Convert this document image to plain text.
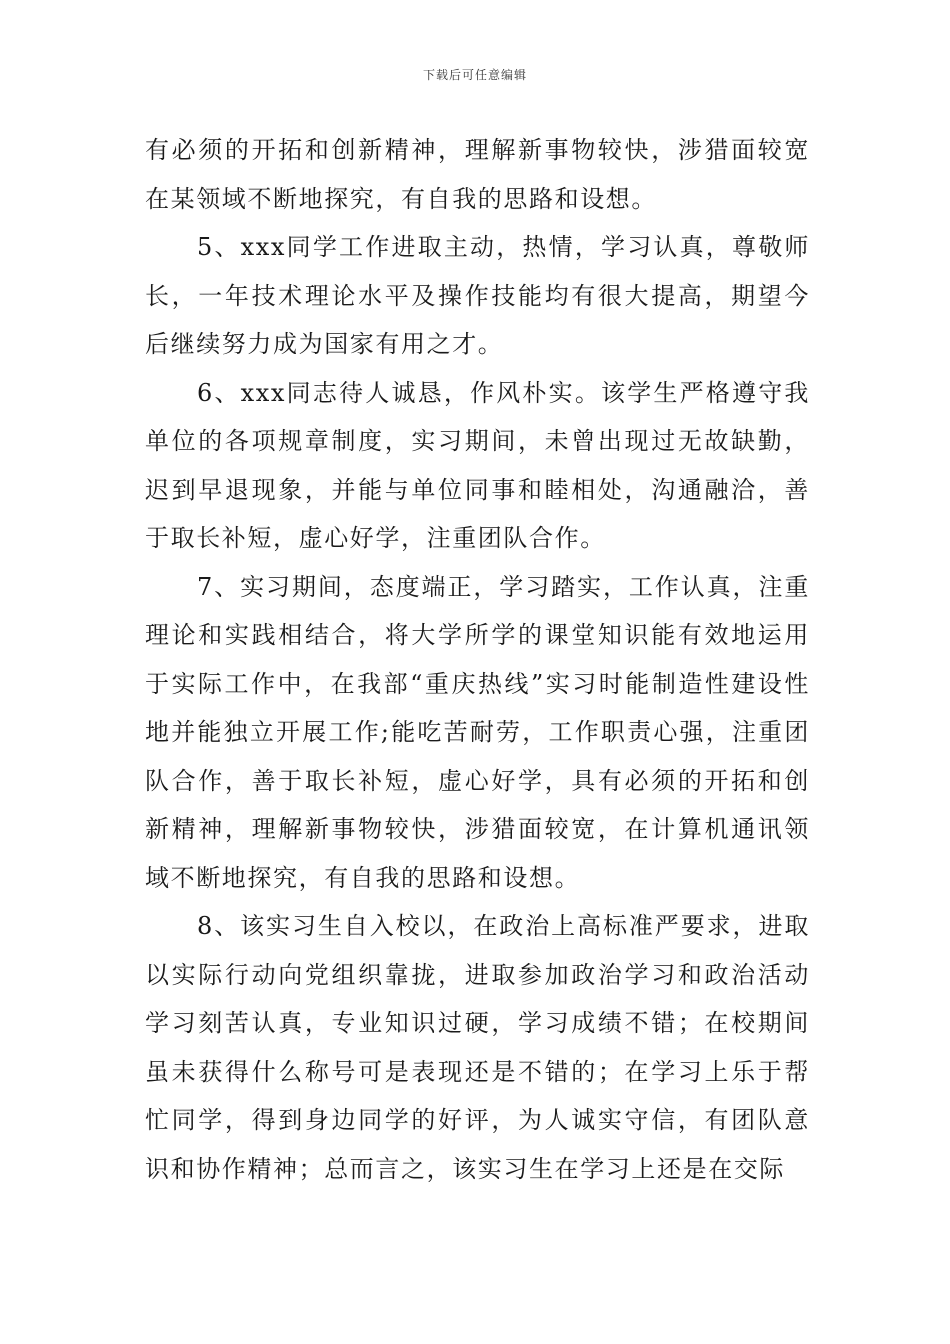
下载后可任意编辑

有必须的开拓和创新精神，理解新事物较快，涉猎面较宽在某领域不断地探究，有自我的思路和设想。

5、xxx同学工作进取主动，热情，学习认真，尊敬师长，一年技术理论水平及操作技能均有很大提高，期望今后继续努力成为国家有用之才。

6、xxx同志待人诚恳，作风朴实。该学生严格遵守我单位的各项规章制度，实习期间，未曾出现过无故缺勤，迟到早退现象，并能与单位同事和睦相处，沟通融洽，善于取长补短，虚心好学，注重团队合作。

7、实习期间，态度端正，学习踏实，工作认真，注重理论和实践相结合，将大学所学的课堂知识能有效地运用于实际工作中，在我部“重庆热线”实习时能制造性建设性地并能独立开展工作;能吃苦耐劳，工作职责心强，注重团队合作，善于取长补短，虚心好学，具有必须的开拓和创新精神，理解新事物较快，涉猎面较宽，在计算机通讯领域不断地探究，有自我的思路和设想。

8、该实习生自入校以，在政治上高标准严要求，进取以实际行动向党组织靠拢，进取参加政治学习和政治活动学习刻苦认真，专业知识过硬，学习成绩不错；在校期间虽未获得什么称号可是表现还是不错的；在学习上乐于帮忙同学，得到身边同学的好评，为人诚实守信，有团队意识和协作精神；总而言之，该实习生在学习上还是在交际
